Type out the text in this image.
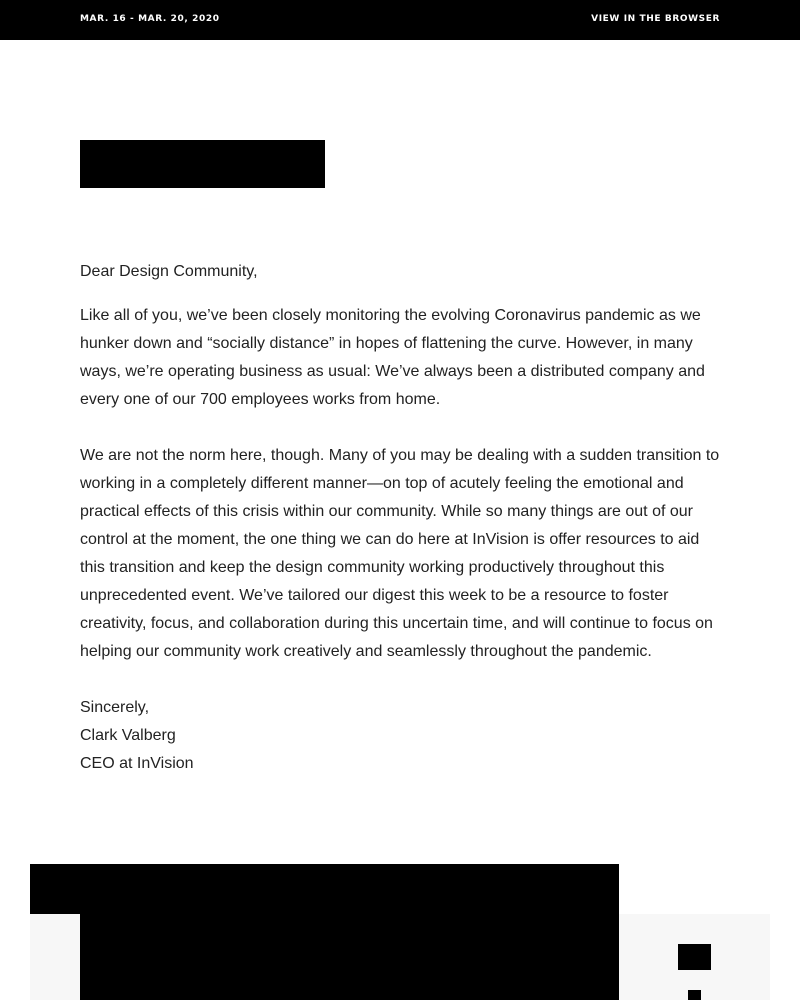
MAR. 16 - MAR. 20, 2020	VIEW IN THE BROWSER

Dear Design Community,

Like all of you, we’ve been closely monitoring the evolving Coronavirus pandemic as we hunker down and “socially distance” in hopes of flattening the curve. However, in many ways, we’re operating business as usual: We’ve always been a distributed company and every one of our 700 employees works from home.

We are not the norm here, though. Many of you may be dealing with a sudden transition to working in a completely different manner—on top of acutely feeling the emotional and practical effects of this crisis within our community. While so many things are out of our control at the moment, the one thing we can do here at InVision is offer resources to aid this transition and keep the design community working productively throughout this unprecedented event. We’ve tailored our digest this week to be a resource to foster creativity, focus, and collaboration during this uncertain time, and will continue to focus on helping our community work creatively and seamlessly throughout the pandemic.

Sincerely,

Clark Valberg

CEO at InVision
